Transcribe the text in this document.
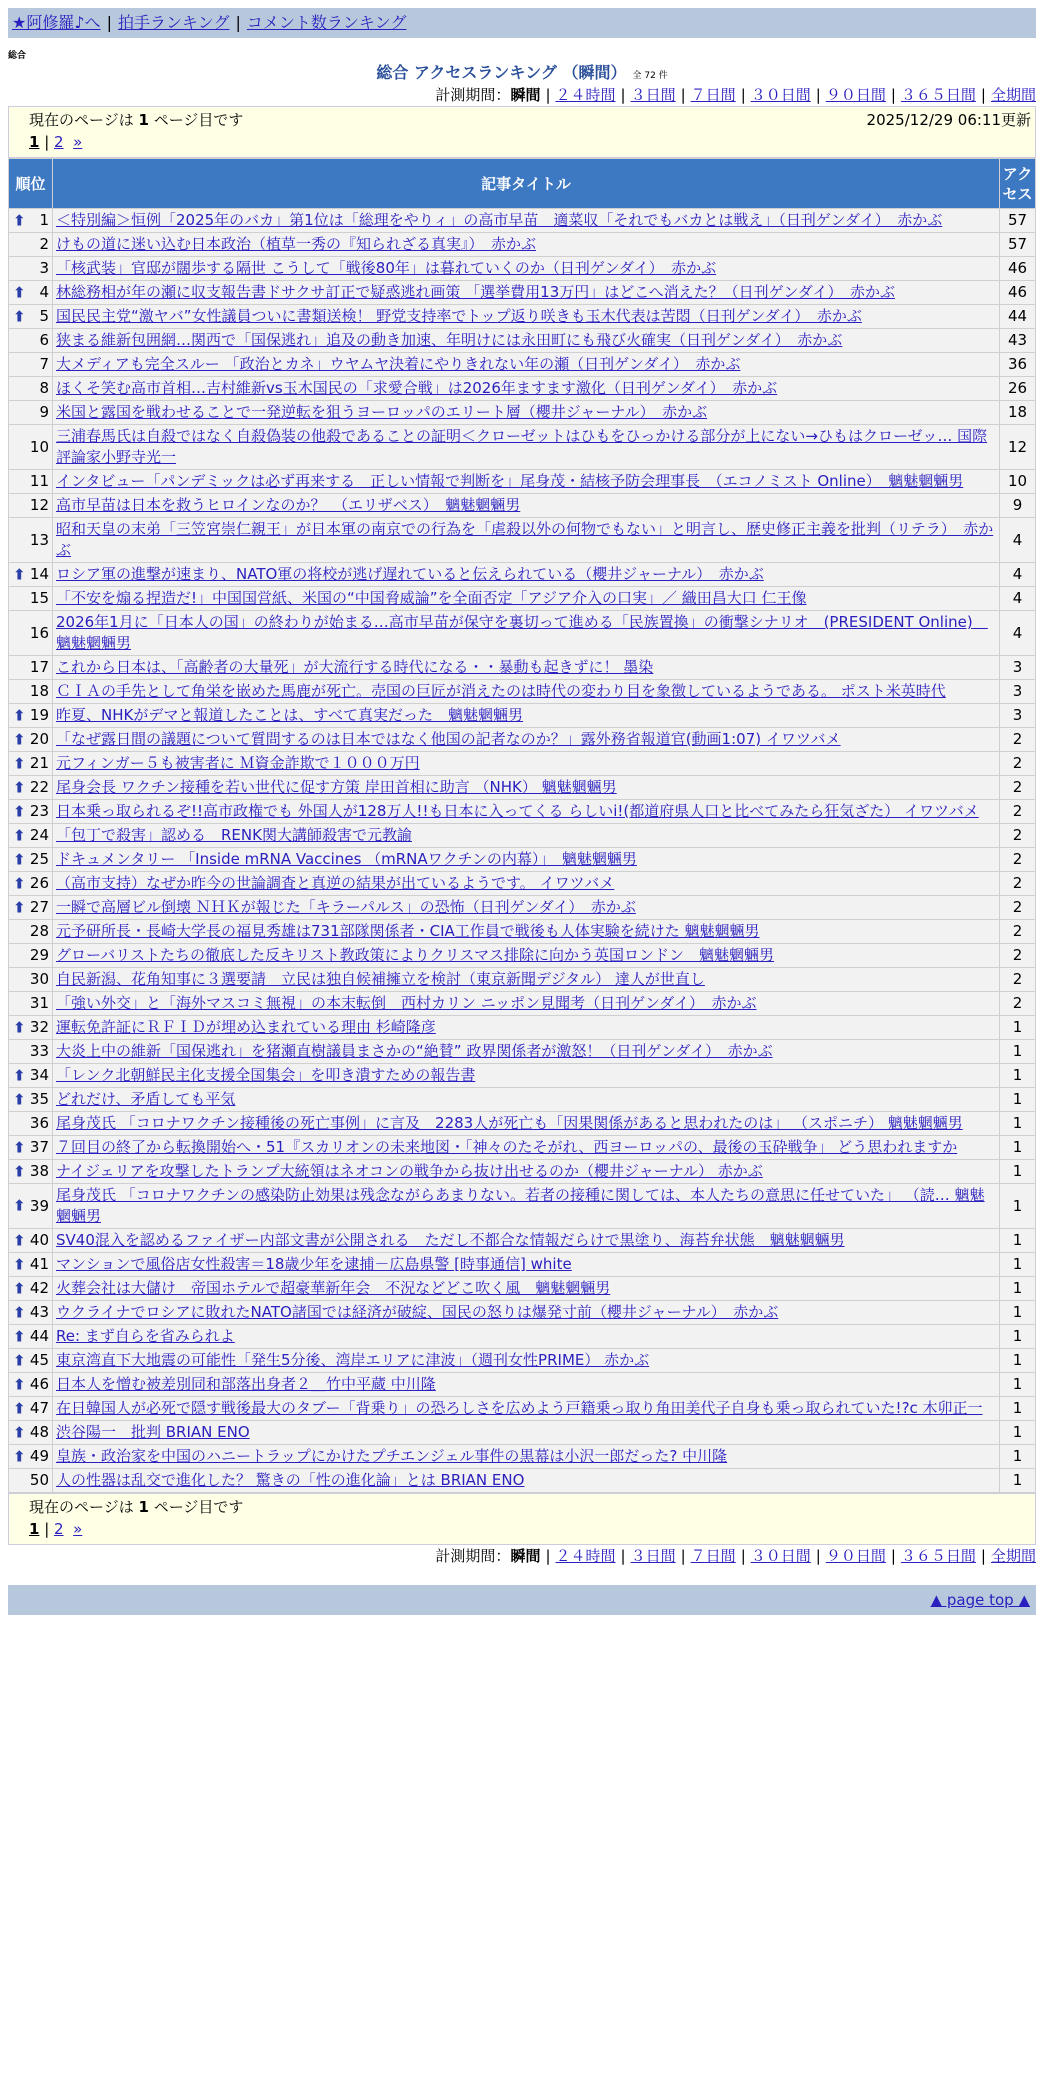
★阿修羅♪へ | 拍手ランキング | コメント数ランキング
総合
総合 アクセスランキング （瞬間） 全 72 件
計測期間：瞬間 | ２４時間 | ３日間 | ７日間 | ３０日間 | ９０日間 | ３６５日間 | 全期間
現在のページは 1 ページ目です	2025/12/29 06:11更新
1 | 2 »
順位	記事タイトル	アクセス

⬆ 1	＜特別編＞恒例「2025年のバカ」第1位は「総理をやりィ」の高市早苗　適菜収「それでもバカとは戦え」（日刊ゲンダイ）　赤かぶ	57
2	けもの道に迷い込む日本政治（植草一秀の『知られざる真実』）　赤かぶ	57
3	「核武装」官邸が闊歩する隔世 こうして「戦後80年」は暮れていくのか（日刊ゲンダイ）　赤かぶ	46

⬆ 4	林総務相が年の瀬に収支報告書ドサクサ訂正で疑惑逃れ画策 「選挙費用13万円」はどこへ消えた？（日刊ゲンダイ）　赤かぶ	46

⬆ 5	国民民主党“激ヤバ”女性議員ついに書類送検！ 野党支持率でトップ返り咲きも玉木代表は苦悶（日刊ゲンダイ）　赤かぶ	44
6	狭まる維新包囲網…関西で「国保逃れ」追及の動き加速、年明けには永田町にも飛び火確実（日刊ゲンダイ）　赤かぶ	43
7	大メディアも完全スルー 「政治とカネ」ウヤムヤ決着にやりきれない年の瀬（日刊ゲンダイ）　赤かぶ	36
8	ほくそ笑む高市首相…吉村維新vs玉木国民の「求愛合戦」は2026年ますます激化（日刊ゲンダイ）　赤かぶ	26
9	米国と露国を戦わせることで一発逆転を狙うヨーロッパのエリート層（櫻井ジャーナル）　赤かぶ	18
10	三浦春馬氏は自殺ではなく自殺偽装の他殺であることの証明＜クローゼットはひもをひっかける部分が上にない→ひもはクローゼッ… 国際評論家小野寺光一	12
11	インタビュー「パンデミックは必ず再来する　正しい情報で判断を」尾身茂・結核予防会理事長　（エコノミスト Online）　魑魅魍魎男	10
12	高市早苗は日本を救うヒロインなのか？　（エリザベス）　魑魅魍魎男	9
13	昭和天皇の末弟「三笠宮崇仁親王」が日本軍の南京での行為を「虐殺以外の何物でもない」と明言し、歴史修正主義を批判（リテラ）　赤かぶ	4

⬆ 14	ロシア軍の進撃が速まり、NATO軍の将校が逃げ遅れていると伝えられている（櫻井ジャーナル）　赤かぶ	4
15	「不安を煽る捏造だ!」中国国営紙、米国の“中国脅威論”を全面否定「アジア介入の口実」／ 織田昌大口 仁王像	4
16	2026年1月に「日本人の国」の終わりが始まる…高市早苗が保守を裏切って進める「民族置換」の衝撃シナリオ　(PRESIDENT Online)　魑魅魍魎男	4
17	これから日本は、「高齢者の大量死」が大流行する時代になる・・暴動も起きずに！ 墨染	3
18	ＣＩＡの手先として角栄を嵌めた馬鹿が死亡。売国の巨匠が消えたのは時代の変わり目を象徴しているようである。 ポスト米英時代	3

⬆ 19	昨夏、NHKがデマと報道したことは、すべて真実だった　魑魅魍魎男	3

⬆ 20	「なぜ露日間の議題について質問するのは日本ではなく他国の記者なのか？」露外務省報道官(動画1:07) イワツバメ	2

⬆ 21	元フィンガー５も被害者に Ｍ資金詐欺で１０００万円	2

⬆ 22	尾身会長 ワクチン接種を若い世代に促す方策 岸田首相に助言 （NHK） 魑魅魍魎男	2

⬆ 23	日本乗っ取られるぞ!!高市政権でも 外国人が128万人!!も日本に入ってくる らしいi!(都道府県人口と比べてみたら狂気ざた） イワツバメ	2

⬆ 24	「包丁で殺害」認める　RENK関大講師殺害で元教諭	2

⬆ 25	ドキュメンタリー 「Inside mRNA Vaccines （mRNAワクチンの内幕）」　魑魅魍魎男	2

⬆ 26	（高市支持）なぜか昨今の世論調査と真逆の結果が出ているようです。 イワツバメ	2

⬆ 27	一瞬で高層ビル倒壊 ＮＨＫが報じた「キラーパルス」の恐怖（日刊ゲンダイ）　赤かぶ	2
28	元予研所長・長崎大学長の福見秀雄は731部隊関係者・CIA工作員で戦後も人体実験を続けた 魑魅魍魎男	2
29	グローバリストたちの徹底した反キリスト教政策によりクリスマス排除に向かう英国ロンドン　魑魅魍魎男	2
30	自民新潟、花角知事に３選要請　立民は独自候補擁立を検討（東京新聞デジタル） 達人が世直し	2
31	「強い外交」と「海外マスコミ無視」の本末転倒　西村カリン ニッポン見聞考（日刊ゲンダイ）　赤かぶ	2

⬆ 32	運転免許証にＲＦＩＤが埋め込まれている理由 杉崎隆彦	1
33	大炎上中の維新「国保逃れ」を猪瀬直樹議員まさかの“絶賛” 政界関係者が激怒！（日刊ゲンダイ）　赤かぶ	1

⬆ 34	「レンク北朝鮮民主化支援全国集会」を叩き潰すための報告書	1

⬆ 35	どれだけ、矛盾しても平気	1
36	尾身茂氏 「コロナワクチン接種後の死亡事例」に言及　2283人が死亡も「因果関係があると思われたのは」 （スポニチ） 魑魅魍魎男	1

⬆ 37	７回目の終了から転換開始へ・51『スカリオンの未来地図・「神々のたそがれ、西ヨーロッパの、最後の玉砕戦争」 どう思われますか	1

⬆ 38	ナイジェリアを攻撃したトランプ大統領はネオコンの戦争から抜け出せるのか（櫻井ジャーナル） 赤かぶ	1

⬆ 39	尾身茂氏 「コロナワクチンの感染防止効果は残念ながらあまりない。若者の接種に関しては、本人たちの意思に任せていた」 （読… 魑魅魍魎男	1

⬆ 40	SV40混入を認めるファイザー内部文書が公開される　ただし不都合な情報だらけで黒塗り、海苔弁状態　魑魅魍魎男	1

⬆ 41	マンションで風俗店女性殺害＝18歳少年を逮捕－広島県警 [時事通信] white	1

⬆ 42	火葬会社は大儲け　帝国ホテルで超豪華新年会　不況などどこ吹く風　魑魅魍魎男	1

⬆ 43	ウクライナでロシアに敗れたNATO諸国では経済が破綻、国民の怒りは爆発寸前（櫻井ジャーナル）　赤かぶ	1

⬆ 44	Re: まず自らを省みられよ	1

⬆ 45	東京湾直下大地震の可能性「発生5分後、湾岸エリアに津波」（週刊女性PRIME） 赤かぶ	1

⬆ 46	日本人を憎む被差別同和部落出身者２＿竹中平蔵 中川隆	1

⬆ 47	在日韓国人が必死で隠す戦後最大のタブー「背乗り」の恐ろしさを広めよう戸籍乗っ取り角田美代子自身も乗っ取られていた!?c 木卯正一	1

⬆ 48	渋谷陽一　批判 BRIAN ENO	1

⬆ 49	皇族・政治家を中国のハニートラップにかけたプチエンジェル事件の黒幕は小沢一郎だった? 中川隆	1
50	人の性器は乱交で進化した？ 驚きの「性の進化論」とは BRIAN ENO	1
現在のページは 1 ページ目です
1 | 2 »
計測期間：瞬間 | ２４時間 | ３日間 | ７日間 | ３０日間 | ９０日間 | ３６５日間 | 全期間
▲ page top ▲
